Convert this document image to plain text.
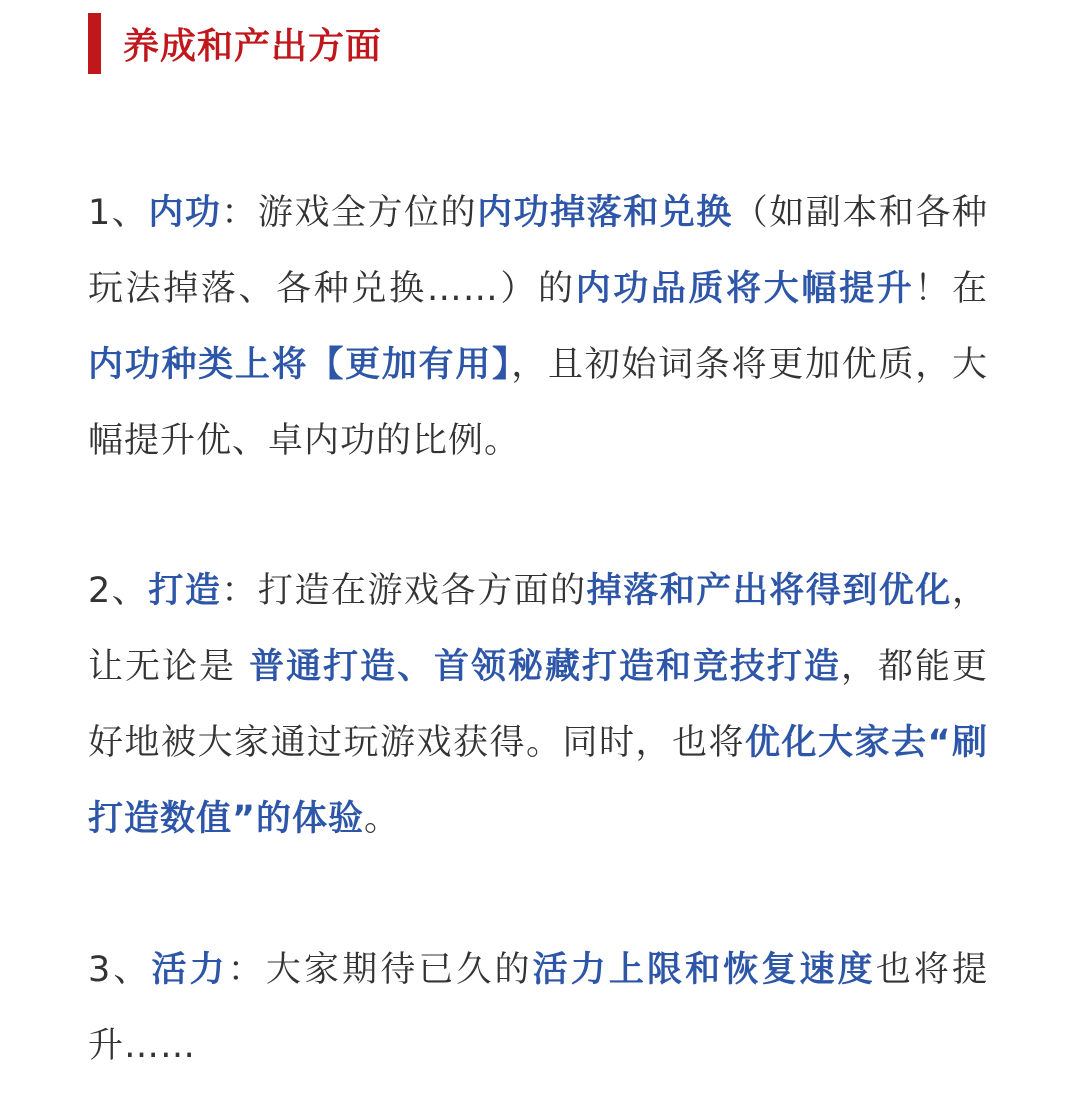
养成和产出方面

1、内功：游戏全方位的内功掉落和兑换（如副本和各种玩法掉落、各种兑换……）的内功品质将大幅提升！在内功种类上将【更加有用】，且初始词条将更加优质，大幅提升优、卓内功的比例。

2、打造：打造在游戏各方面的掉落和产出将得到优化，让无论是 普通打造、首领秘藏打造和竞技打造，都能更好地被大家通过玩游戏获得。同时，也将优化大家去“刷打造数值”的体验。

3、活力：大家期待已久的活力上限和恢复速度也将提升……
